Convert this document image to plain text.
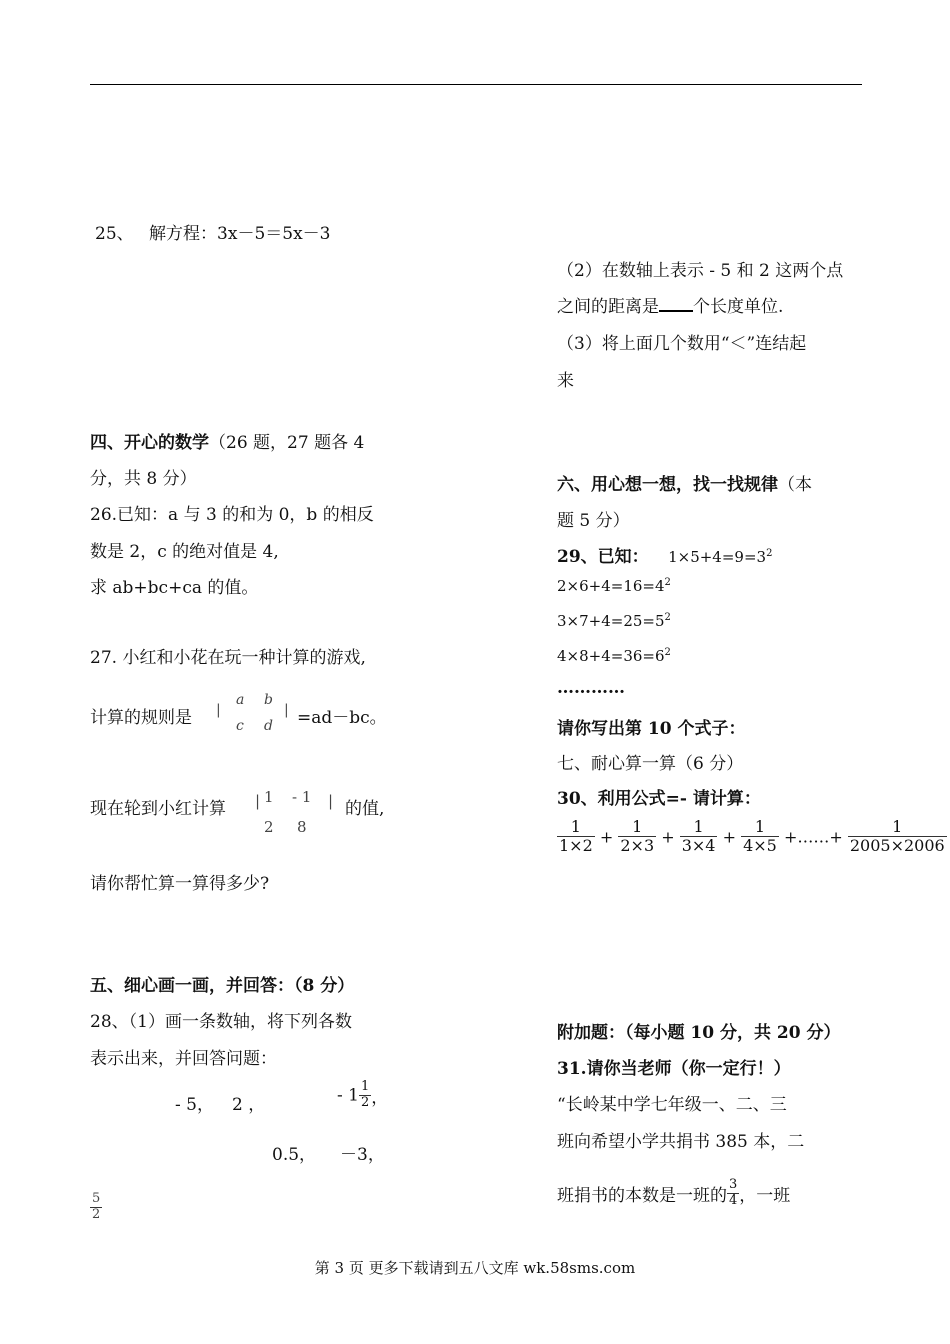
25、 解方程：3x－5＝5x－3
四、开心的数学（26 题，27 题各 4
分，共 8 分）
26.已知：a 与 3 的和为 0，b 的相反
数是 2，c 的绝对值是 4,
求 ab+bc+ca 的值。
27. 小红和小花在玩一种计算的游戏,
计算的规则是 |
a b
c d
| =ad－bc。
现在轮到小红计算 | 1 - 1
2 8
| 的值,
请你帮忙算一算得多少?
五、细心画一画，并回答：（8 分）
28、（1）画一条数轴，将下列各数
表示出来，并回答问题：
- 5， 2 ，	- $1 \frac{1}{2}$ ，
0.5， －3，
$\frac{5}{2}$
（2）在数轴上表示 - 5 和 2 这两个点
之间的距离是 个长度单位.
（3）将上面几个数用“＜”连结起
来
六、用心想一想，找一找规律（本
题 5 分）
29、已知： $1\times 5+4=9=3^2$
$2\times 6+4=16=4^2$
$3\times 7+4=25=5^2$
$4\times 8+4=36=6^2$
…………
请你写出第 10 个式子：
七、耐心算一算（6 分）
30、利用公式=- 请计算：
$\frac{1}{1\times 2} + \frac{1}{2\times 3} + \frac{1}{3\times 4} + \frac{1}{4\times 5}$ +……+ $\frac{1}{2005\times 2006}$
附加题：（每小题 10 分，共 20 分）
31.请你当老师（你一定行！）
“长岭某中学七年级一、二、三
班向希望小学共捐书 385 本，二
班捐书的本数是一班的 $\frac{3}{4}$ ，一班
第 3 页 更多下载请到五八文库 wk.58sms.com
